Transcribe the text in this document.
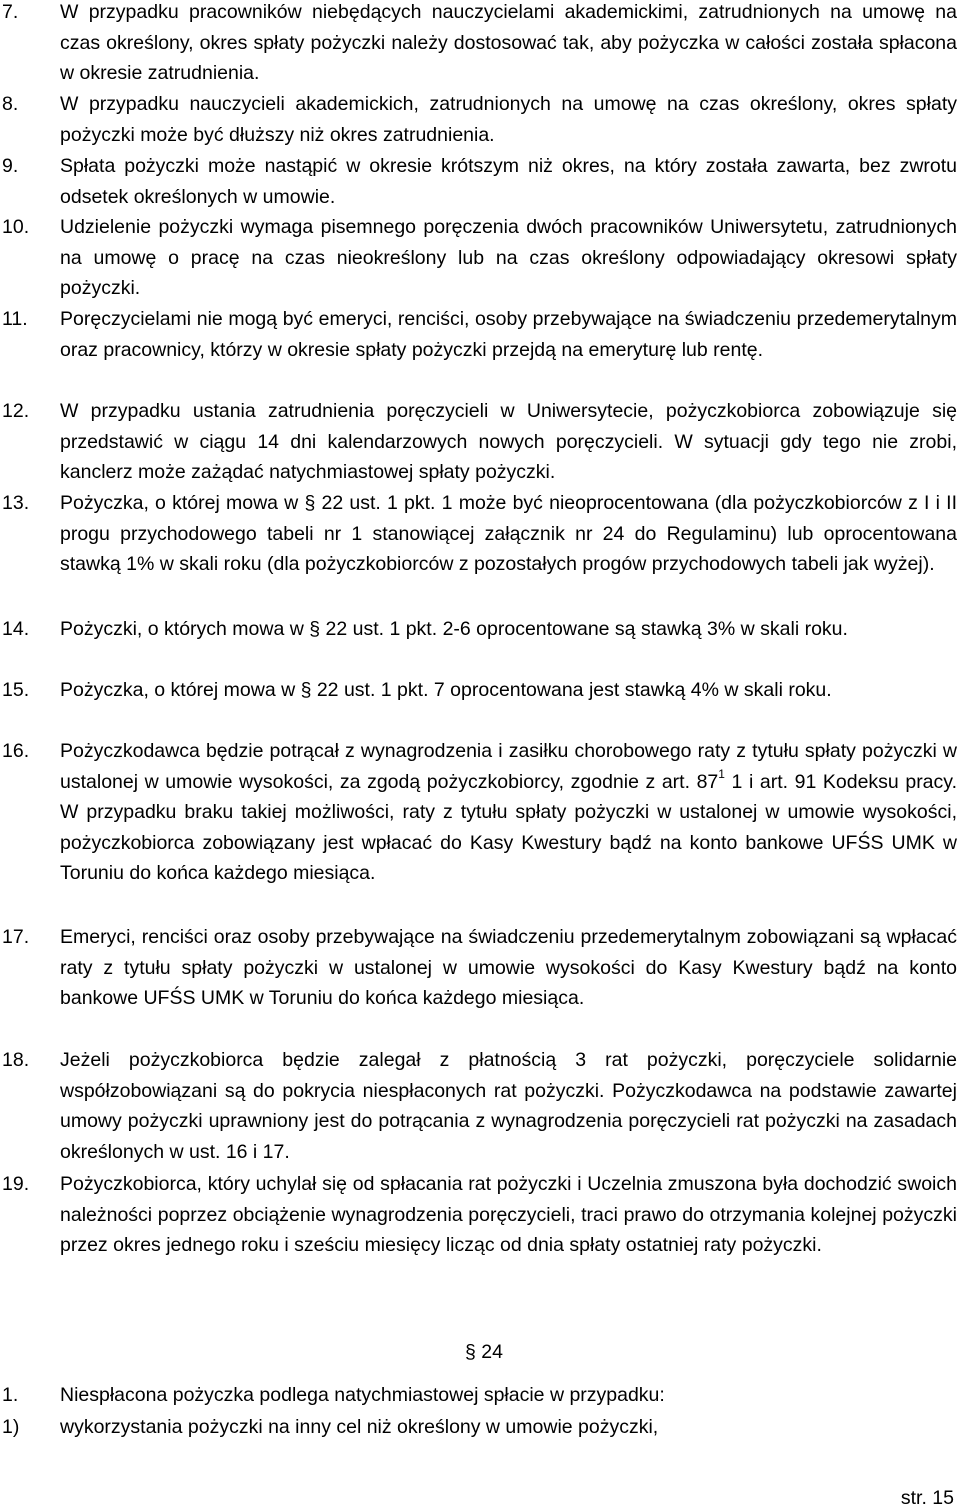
7.	W przypadku pracowników niebędących nauczycielami akademickimi, zatrudnionych na umowę na czas określony, okres spłaty pożyczki należy dostosować tak, aby pożyczka w całości została spłacona w okresie zatrudnienia.
8.	W przypadku nauczycieli akademickich, zatrudnionych na umowę na czas określony, okres spłaty pożyczki może być dłuższy niż okres zatrudnienia.
9.	Spłata pożyczki może nastąpić w okresie krótszym niż okres, na który została zawarta, bez zwrotu odsetek określonych w umowie.
10.	Udzielenie pożyczki wymaga pisemnego poręczenia dwóch pracowników Uniwersytetu, zatrudnionych na umowę o pracę na czas nieokreślony lub na czas określony odpowiadający okresowi spłaty pożyczki.
11.	Poręczycielami nie mogą być emeryci, renciści, osoby przebywające na świadczeniu przedemerytalnym oraz pracownicy, którzy w okresie spłaty pożyczki przejdą na emeryturę lub rentę.
12.	W przypadku ustania zatrudnienia poręczycieli w Uniwersytecie, pożyczkobiorca zobowiązuje się przedstawić w ciągu 14 dni kalendarzowych nowych poręczycieli. W sytuacji gdy tego nie zrobi, kanclerz może zażądać natychmiastowej spłaty pożyczki.
13.	Pożyczka, o której mowa w § 22 ust. 1 pkt. 1 może być nieoprocentowana (dla pożyczkobiorców z I i II progu przychodowego tabeli nr 1 stanowiącej załącznik nr 24 do Regulaminu) lub oprocentowana stawką 1% w skali roku (dla pożyczkobiorców z pozostałych progów przychodowych tabeli jak wyżej).
14.	Pożyczki, o których mowa w § 22 ust. 1 pkt. 2-6 oprocentowane są stawką 3% w skali roku.
15.	Pożyczka, o której mowa w § 22 ust. 1 pkt. 7 oprocentowana jest stawką 4% w skali roku.
16.	Pożyczkodawca będzie potrącał z wynagrodzenia i zasiłku chorobowego raty z tytułu spłaty pożyczki w ustalonej w umowie wysokości, za zgodą pożyczkobiorcy, zgodnie z art. $87^1$ 1 i art. 91 Kodeksu pracy. W przypadku braku takiej możliwości, raty z tytułu spłaty pożyczki w ustalonej w umowie wysokości, pożyczkobiorca zobowiązany jest wpłacać do Kasy Kwestury bądź na konto bankowe UFŚS UMK w Toruniu do końca każdego miesiąca.
17.	Emeryci, renciści oraz osoby przebywające na świadczeniu przedemerytalnym zobowiązani są wpłacać raty z tytułu spłaty pożyczki w ustalonej w umowie wysokości do Kasy Kwestury bądź na konto bankowe UFŚS UMK w Toruniu do końca każdego miesiąca.
18.	Jeżeli pożyczkobiorca będzie zalegał z płatnością 3 rat pożyczki, poręczyciele solidarnie współzobowiązani są do pokrycia niespłaconych rat pożyczki. Pożyczkodawca na podstawie zawartej umowy pożyczki uprawniony jest do potrącania z wynagrodzenia poręczycieli rat pożyczki na zasadach określonych w ust. 16 i 17.
19.	Pożyczkobiorca, który uchylał się od spłacania rat pożyczki i Uczelnia zmuszona była dochodzić swoich należności poprzez obciążenie wynagrodzenia poręczycieli, traci prawo do otrzymania kolejnej pożyczki przez okres jednego roku i sześciu miesięcy licząc od dnia spłaty ostatniej raty pożyczki.
§ 24
1.	Niespłacona pożyczka podlega natychmiastowej spłacie w przypadku:
1)	wykorzystania pożyczki na inny cel niż określony w umowie pożyczki,
str. 15
